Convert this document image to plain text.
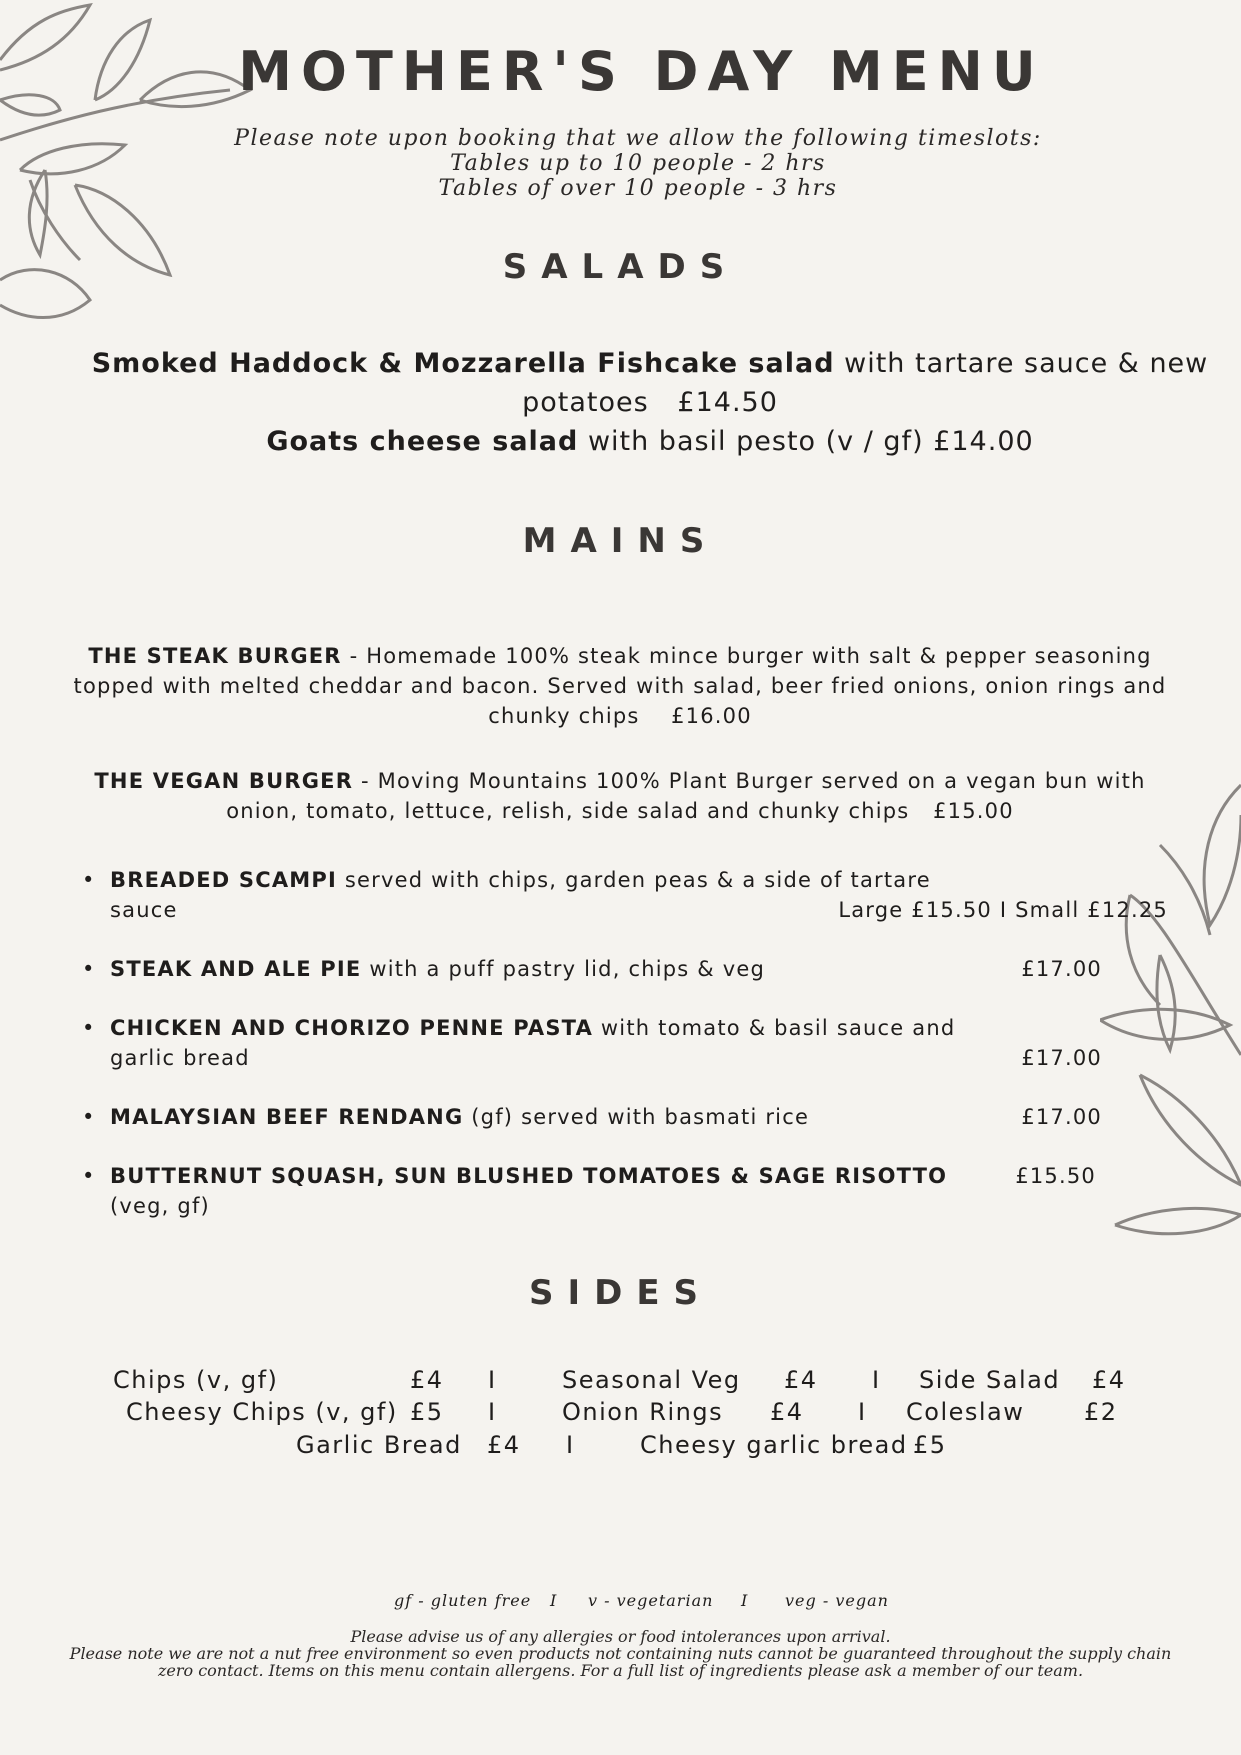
MOTHER'S DAY MENU
Please note upon booking that we allow the following timeslots:
Tables up to 10 people - 2 hrs
Tables of over 10 people - 3 hrs
SALADS
Smoked Haddock & Mozzarella Fishcake salad with tartare sauce & new potatoes £14.50
Goats cheese salad with basil pesto (v / gf) £14.00
MAINS
THE STEAK BURGER - Homemade 100% steak mince burger with salt & pepper seasoning topped with melted cheddar and bacon. Served with salad, beer fried onions, onion rings and chunky chips £16.00
THE VEGAN BURGER - Moving Mountains 100% Plant Burger served on a vegan bun with onion, tomato, lettuce, relish, side salad and chunky chips £15.00
• BREADED SCAMPI served with chips, garden peas & a side of tartare sauce	Large £15.50 I Small £12.25
• STEAK AND ALE PIE with a puff pastry lid, chips & veg	£17.00
• CHICKEN AND CHORIZO PENNE PASTA with tomato & basil sauce and garlic bread	£17.00
• MALAYSIAN BEEF RENDANG (gf) served with basmati rice	£17.00
• BUTTERNUT SQUASH, SUN BLUSHED TOMATOES & SAGE RISOTTO (veg, gf)
£15.50
SIDES
Chips (v, gf)	£4 I	Seasonal Veg £4 I Side Salad £4
Cheesy Chips (v, gf) £5 I	Onion Rings £4 I Coleslaw £2
Garlic Bread £4 I	Cheesy garlic bread £5
gf - gluten free I v - vegetarian I veg - vegan
Please advise us of any allergies or food intolerances upon arrival.
Please note we are not a nut free environment so even products not containing nuts cannot be guaranteed throughout the supply chain
zero contact. Items on this menu contain allergens. For a full list of ingredients please ask a member of our team.
